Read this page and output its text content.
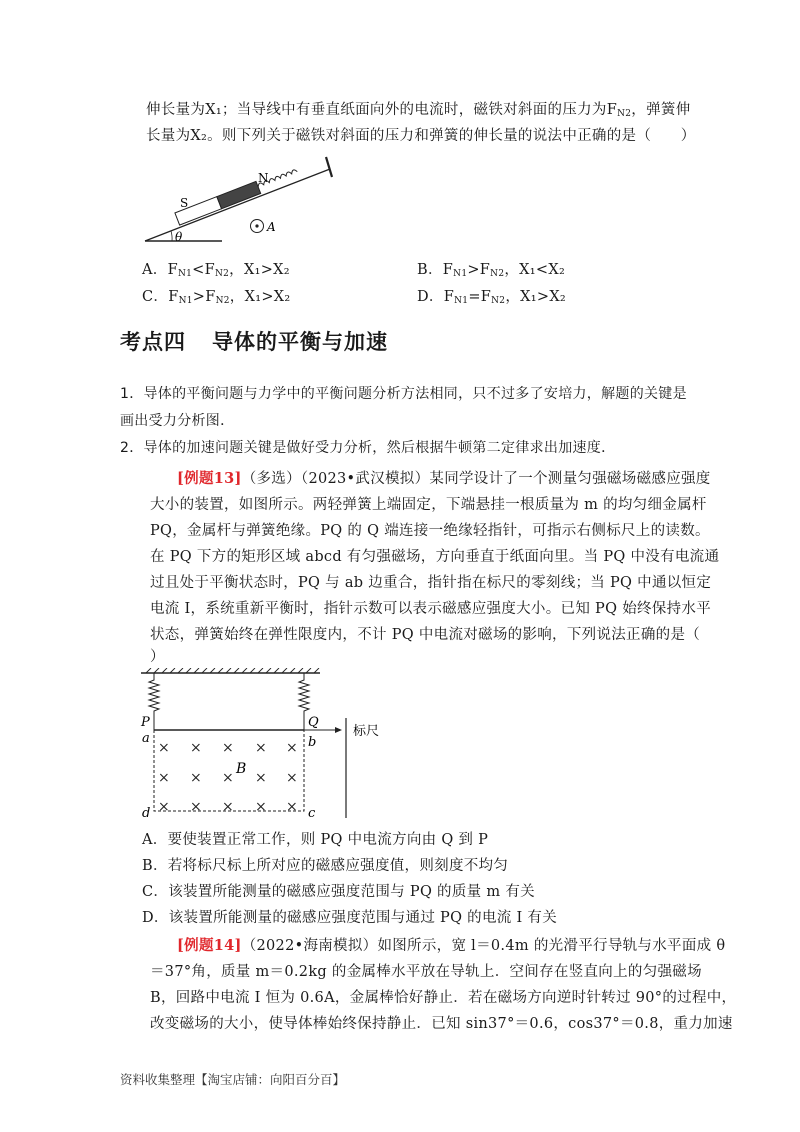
伸长量为X₁；当导线中有垂直纸面向外的电流时，磁铁对斜面的压力为$F_{N2}$，弹簧伸
长量为X₂。则下列关于磁铁对斜面的压力和弹簧的伸长量的说法中正确的是（　　）
θ
S
N
A
A．$F_{N1}<F_{N2}$，X₁>X₂	B．$F_{N1}>F_{N2}$，X₁<X₂
C．$F_{N1}>F_{N2}$，X₁>X₂	D．$F_{N1}=F_{N2}$，X₁>X₂
考点四 导体的平衡与加速
1．导体的平衡问题与力学中的平衡问题分析方法相同，只不过多了安培力，解题的关键是
画出受力分析图．
2．导体的加速问题关键是做好受力分析，然后根据牛顿第二定律求出加速度．
[例题13]（多选）（2023•武汉模拟）某同学设计了一个测量匀强磁场磁感应强度
大小的装置，如图所示。两轻弹簧上端固定，下端悬挂一根质量为 m 的均匀细金属杆
PQ，金属杆与弹簧绝缘。PQ 的 Q 端连接一绝缘轻指针，可指示右侧标尺上的读数。
在 PQ 下方的矩形区域 abcd 有匀强磁场，方向垂直于纸面向里。当 PQ 中没有电流通
过且处于平衡状态时，PQ 与 ab 边重合，指针指在标尺的零刻线；当 PQ 中通以恒定
电流 I，系统重新平衡时，指针示数可以表示磁感应强度大小。已知 PQ 始终保持水平
状态，弹簧始终在弹性限度内，不计 PQ 中电流对磁场的影响，下列说法正确的是（
）
标尺
× × × × ×
× × × × ×
× × × × ×
B
P	Q
a	b
d	c
A．要使装置正常工作，则 PQ 中电流方向由 Q 到 P
B．若将标尺标上所对应的磁感应强度值，则刻度不均匀
C．该装置所能测量的磁感应强度范围与 PQ 的质量 m 有关
D．该装置所能测量的磁感应强度范围与通过 PQ 的电流 I 有关
[例题14]（2022•海南模拟）如图所示，宽 l＝0.4m 的光滑平行导轨与水平面成 θ
＝37°角，质量 m＝0.2kg 的金属棒水平放在导轨上．空间存在竖直向上的匀强磁场
B，回路中电流 I 恒为 0.6A，金属棒恰好静止．若在磁场方向逆时针转过 90°的过程中，
改变磁场的大小，使导体棒始终保持静止．已知 sin37°＝0.6，cos37°＝0.8，重力加速
资料收集整理【淘宝店铺：向阳百分百】
